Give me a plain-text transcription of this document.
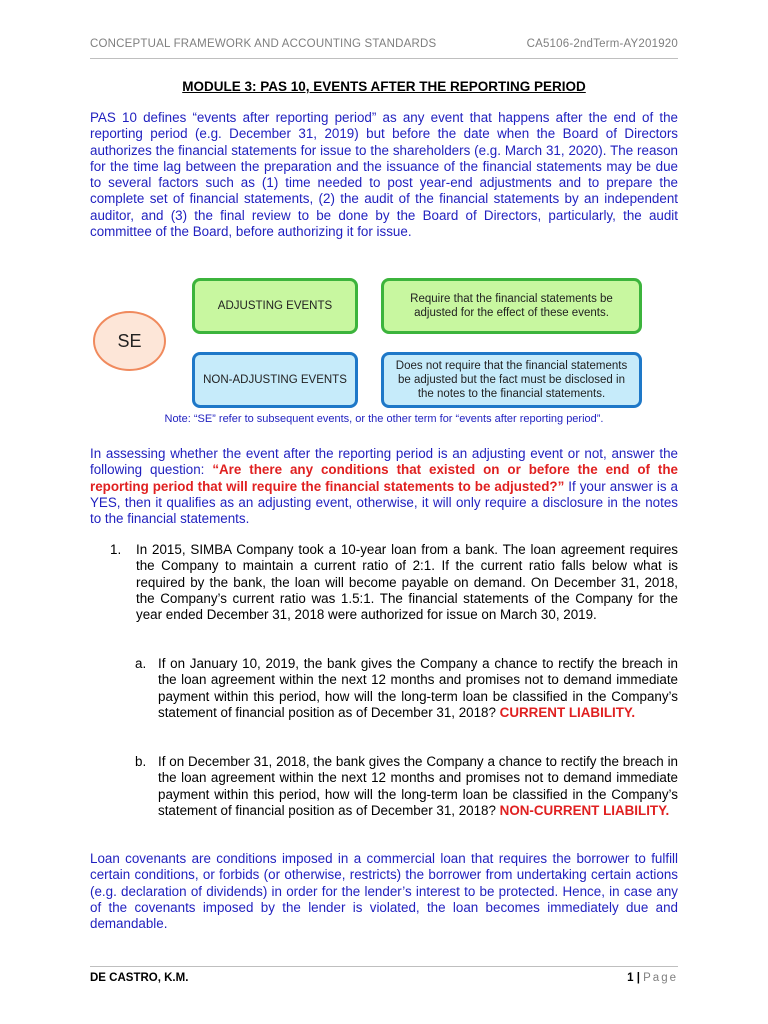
CONCEPTUAL FRAMEWORK AND ACCOUNTING STANDARDS	CA5106-2ndTerm-AY201920
MODULE 3: PAS 10, EVENTS AFTER THE REPORTING PERIOD

PAS 10 defines “events after reporting period” as any event that happens after the end of the reporting period (e.g. December 31, 2019) but before the date when the Board of Directors authorizes the financial statements for issue to the shareholders (e.g. March 31, 2020). The reason for the time lag between the preparation and the issuance of the financial statements may be due to several factors such as (1) time needed to post year-end adjustments and to prepare the complete set of financial statements, (2) the audit of the financial statements by an independent auditor, and (3) the final review to be done by the Board of Directors, particularly, the audit committee of the Board, before authorizing it for issue.

SE
ADJUSTING EVENTS
Require that the financial statements be adjusted for the effect of these events.
NON-ADJUSTING EVENTS
Does not require that the financial statements be adjusted but the fact must be disclosed in the notes to the financial statements.
Note: “SE” refer to subsequent events, or the other term for “events after reporting period”.

In assessing whether the event after the reporting period is an adjusting event or not, answer the following question: “Are there any conditions that existed on or before the end of the reporting period that will require the financial statements to be adjusted?” If your answer is a YES, then it qualifies as an adjusting event, otherwise, it will only require a disclosure in the notes to the financial statements.

1.	In 2015, SIMBA Company took a 10-year loan from a bank. The loan agreement requires the Company to maintain a current ratio of 2:1. If the current ratio falls below what is required by the bank, the loan will become payable on demand. On December 31, 2018, the Company’s current ratio was 1.5:1. The financial statements of the Company for the year ended December 31, 2018 were authorized for issue on March 30, 2019.

a. If on January 10, 2019, the bank gives the Company a chance to rectify the breach in the loan agreement within the next 12 months and promises not to demand immediate payment within this period, how will the long-term loan be classified in the Company’s statement of financial position as of December 31, 2018? CURRENT LIABILITY.

b. If on December 31, 2018, the bank gives the Company a chance to rectify the breach in the loan agreement within the next 12 months and promises not to demand immediate payment within this period, how will the long-term loan be classified in the Company’s statement of financial position as of December 31, 2018? NON-CURRENT LIABILITY.

Loan covenants are conditions imposed in a commercial loan that requires the borrower to fulfill certain conditions, or forbids (or otherwise, restricts) the borrower from undertaking certain actions (e.g. declaration of dividends) in order for the lender’s interest to be protected. Hence, in case any of the covenants imposed by the lender is violated, the loan becomes immediately due and demandable.

DE CASTRO, K.M.	1 | Page
